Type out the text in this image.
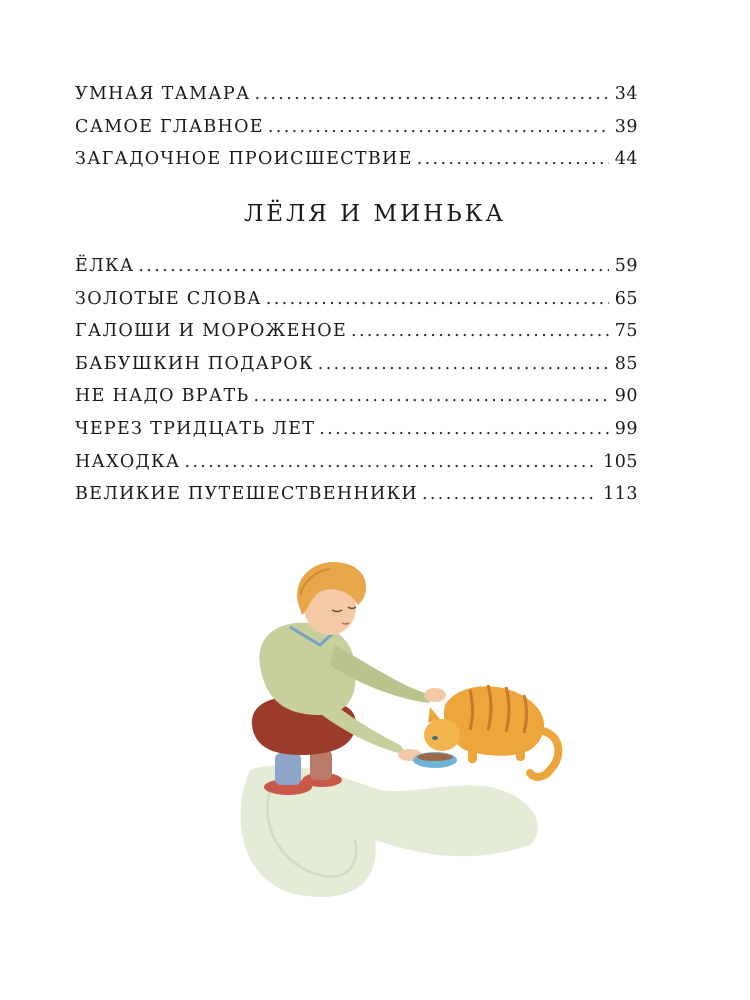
УМНАЯ ТАМАРА . . .	34
САМОЕ ГЛАВНОЕ . . .	39
ЗАГАДОЧНОЕ ПРОИСШЕСТВИЕ . . .	44
ЛЁЛЯ И МИНЬКА
ЁЛКА . . .	59
ЗОЛОТЫЕ СЛОВА . . .	65
ГАЛОШИ И МОРОЖЕНОЕ . . .	75
БАБУШКИН ПОДАРОК . . .	85
НЕ НАДО ВРАТЬ . . .	90
ЧЕРЕЗ ТРИДЦАТЬ ЛЕТ . . .	99
НАХОДКА . . .	105
ВЕЛИКИЕ ПУТЕШЕСТВЕННИКИ . . .	113
